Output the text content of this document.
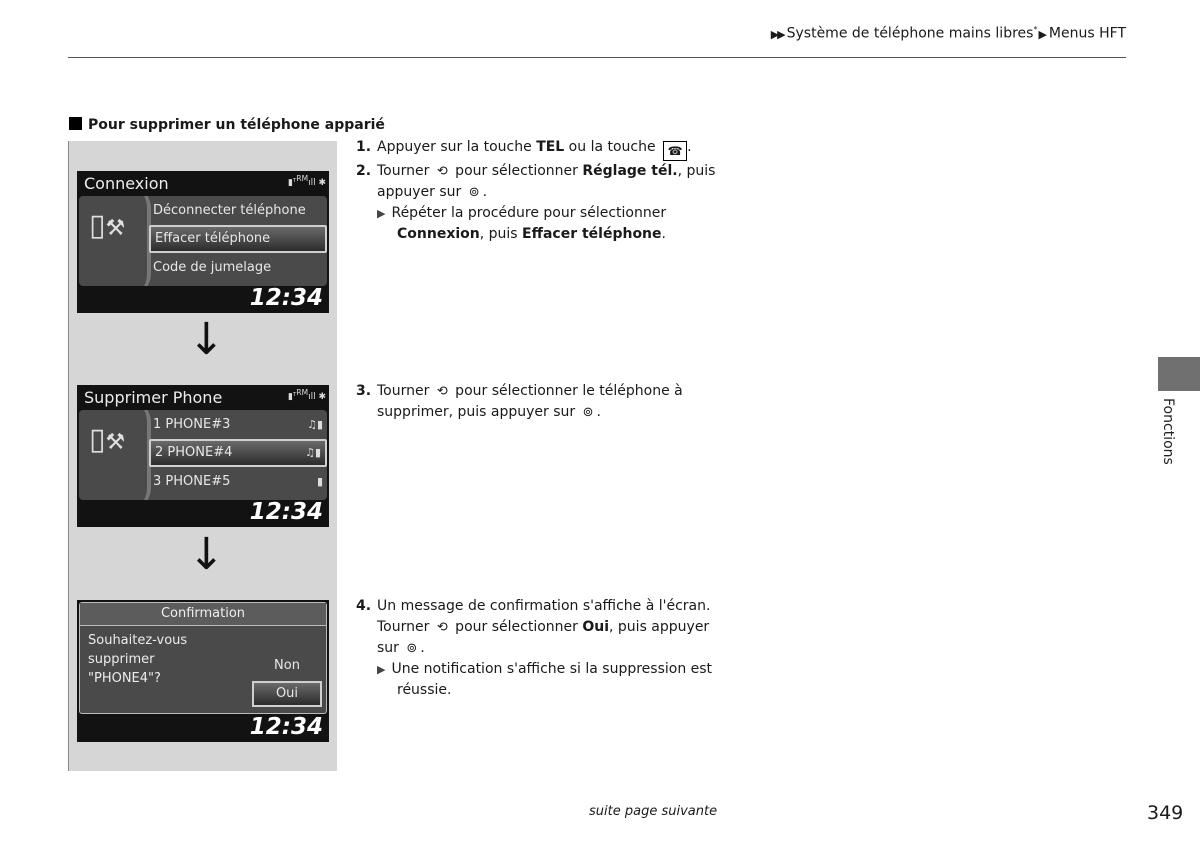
▶▶ Système de téléphone mains libres*▶ Menus HFT
Pour supprimer un téléphone apparié
Connexion	▮ᵀ$^{RM}$ıll ✱
▯⚒
Déconnecter téléphone
Effacer téléphone
Code de jumelage
12:34
↓
Supprimer Phone	▮ᵀ$^{RM}$ıll ✱
▯⚒
1 PHONE#3	♫▮
2 PHONE#4	♫▮
3 PHONE#5	▮
12:34
↓
Confirmation
Souhaitez-vous
supprimer
"PHONE4"?
Non
Oui
12:34
1. Appuyer sur la touche TEL ou la touche ☎ .
2. Tourner ⟲ pour sélectionner Réglage tél., puis
appuyer sur ⊚ .
▶ Répéter la procédure pour sélectionner
Connexion, puis Effacer téléphone.
3. Tourner ⟲ pour sélectionner le téléphone à
supprimer, puis appuyer sur ⊚ .
4. Un message de confirmation s'affiche à l'écran.
Tourner ⟲ pour sélectionner Oui, puis appuyer
sur ⊚ .
▶ Une notification s'affiche si la suppression est
réussie.
Fonctions
suite page suivante	349
